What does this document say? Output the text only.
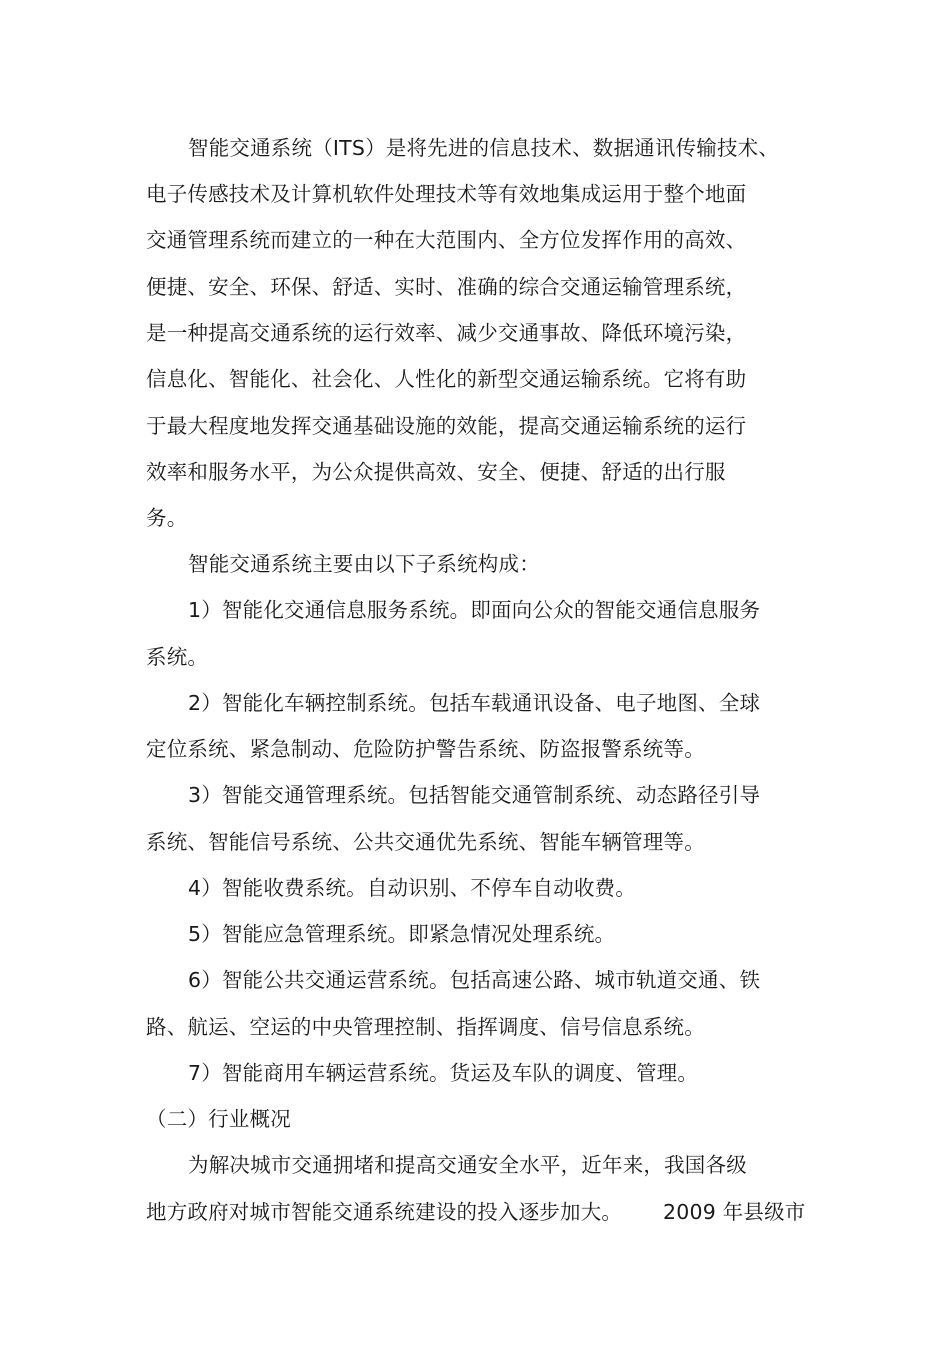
智能交通系统（ITS）是将先进的信息技术、数据通讯传输技术、
电子传感技术及计算机软件处理技术等有效地集成运用于整个地面
交通管理系统而建立的一种在大范围内、全方位发挥作用的高效、
便捷、安全、环保、舒适、实时、准确的综合交通运输管理系统，
是一种提高交通系统的运行效率、减少交通事故、降低环境污染，
信息化、智能化、社会化、人性化的新型交通运输系统。它将有助
于最大程度地发挥交通基础设施的效能，提高交通运输系统的运行
效率和服务水平，为公众提供高效、安全、便捷、舒适的出行服
务。
智能交通系统主要由以下子系统构成：
1）智能化交通信息服务系统。即面向公众的智能交通信息服务
系统。
2）智能化车辆控制系统。包括车载通讯设备、电子地图、全球
定位系统、紧急制动、危险防护警告系统、防盗报警系统等。
3）智能交通管理系统。包括智能交通管制系统、动态路径引导
系统、智能信号系统、公共交通优先系统、智能车辆管理等。
4）智能收费系统。自动识别、不停车自动收费。
5）智能应急管理系统。即紧急情况处理系统。
6）智能公共交通运营系统。包括高速公路、城市轨道交通、铁
路、航运、空运的中央管理控制、指挥调度、信号信息系统。
7）智能商用车辆运营系统。货运及车队的调度、管理。
（二）行业概况
为解决城市交通拥堵和提高交通安全水平，近年来，我国各级
地方政府对城市智能交通系统建设的投入逐步加大。 2009 年县级市
